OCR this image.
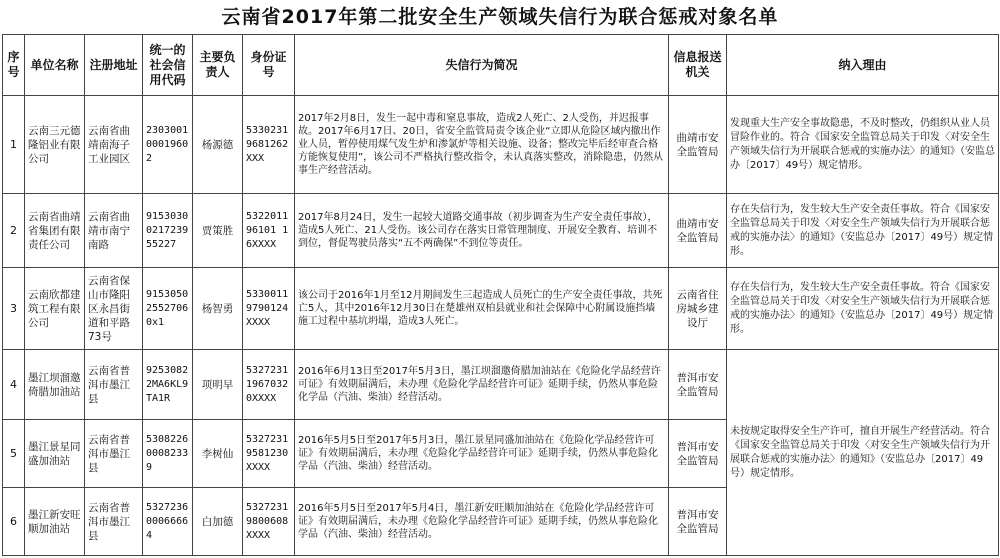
云南省2017年第二批安全生产领域失信行为联合惩戒对象名单
序号	单位名称	注册地址	统一的社会信用代码	主要负责人	身份证号	失信行为简况	信息报送机关	纳入理由
1	云南三元德隆铝业有限公司	云南省曲靖南海子工业园区	23030010001960 2	杨源德	53302319681262XXX	2017年2月8日，发生一起中毒和窒息事故，造成2人死亡、2人受伤，并迟报事故。2017年6月17日、20日，省安全监管局责令该企业“立即从危险区域内撤出作业人员，暂停使用煤气发生炉和渗氯炉等相关设施、设备；整改完毕后经审查合格方能恢复使用”，该公司不严格执行整改指令，未认真落实整改，消除隐患，仍然从事生产经营活动。	曲靖市安全监管局	发现重大生产安全事故隐患，不及时整改，仍组织从业人员冒险作业的。符合《国家安全监管总局关于印发〈对安全生产领域失信行为开展联合惩戒的实施办法〉的通知》（安监总办〔2017〕49号）规定情形。
2	云南省曲靖省集团有限责任公司	云南省曲靖市南宁南路	9153030021723955227	贾策胜	532201196101 16XXXX	2017年8月24日，发生一起较大道路交通事故（初步调查为生产安全责任事故），造成5人死亡、21人受伤。该公司存在落实日常管理制度、开展安全教育、培训不到位，督促驾驶员落实“五不两确保”不到位等责任。	曲靖市安全监管局	存在失信行为，发生较大生产安全责任事故。符合《国家安全监管总局关于印发〈对安全生产领域失信行为开展联合惩戒的实施办法〉的通知》（安监总办〔2017〕49号）规定情形。
3	云南欣都建筑工程有限公司	云南省保山市隆阳区永昌街道和平路73号	915305025527060x1	杨智勇	53300119790124XXXX	该公司于2016年1月至12月期间发生三起造成人员死亡的生产安全责任事故，共死亡5人，其中2016年12月30日在楚雄州双柏县就业和社会保障中心附属设施挡墙施工过程中基坑坍塌，造成3人死亡。	云南省住房城乡建设厅	存在失信行为，发生较大生产安全责任事故。符合《国家安全监管总局关于印发〈对安全生产领域失信行为开展联合惩戒的实施办法〉的通知》（安监总办〔2017〕49号）规定情形。
4	墨江坝溜邀倚腊加油站	云南省普洱市墨江县	92530822MA6KL9TA1R	项明早	532723119670320XXXX	2016年6月13日至2017年5月3日，墨江坝溜邀倚腊加油站在《危险化学品经营许可证》有效期届满后，未办理《危险化学品经营许可证》延期手续，仍然从事危险化学品（汽油、柴油）经营活动。	普洱市安全监管局	未按规定取得安全生产许可，擅自开展生产经营活动。符合《国家安全监管总局关于印发〈对安全生产领域失信行为开展联合惩戒的实施办法〉的通知》（安监总办〔2017〕49号）规定情形。
5	墨江景星同盛加油站	云南省普洱市墨江县	530822600082339	李树仙	53272319581230XXXX	2016年5月5日至2017年5月3日，墨江景星同盛加油站在《危险化学品经营许可证》有效期届满后，未办理《危险化学品经营许可证》延期手续，仍然从事危险化学品（汽油、柴油）经营活动。	普洱市安全监管局	
6	墨江新安旺顺加油站	云南省普洱市墨江县	532723600066664	白加德	53272319800608XXXX	2016年5月5日至2017年5月4日，墨江新安旺顺加油站在《危险化学品经营许可证》有效期届满后，未办理《危险化学品经营许可证》延期手续，仍然从事危险化学品（汽油、柴油）经营活动。	普洱市安全监管局	
